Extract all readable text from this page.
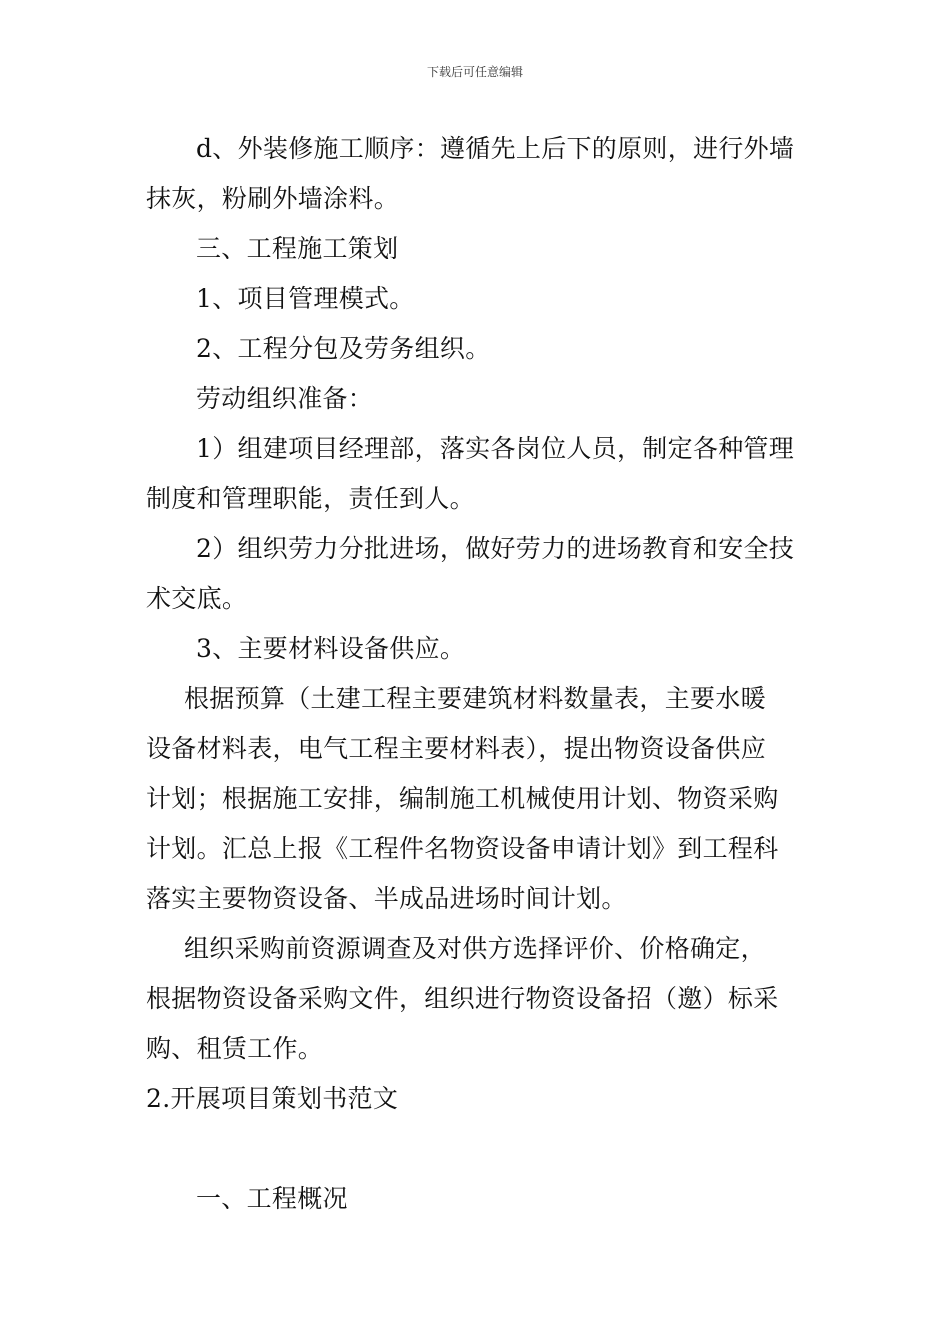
下载后可任意编辑
d、外装修施工顺序：遵循先上后下的原则，进行外墙
抹灰，粉刷外墙涂料。
三、工程施工策划
1、项目管理模式。
2、工程分包及劳务组织。
劳动组织准备：
1）组建项目经理部，落实各岗位人员，制定各种管理
制度和管理职能，责任到人。
2）组织劳力分批进场，做好劳力的进场教育和安全技
术交底。
3、主要材料设备供应。
根据预算（土建工程主要建筑材料数量表，主要水暖
设备材料表，电气工程主要材料表），提出物资设备供应
计划；根据施工安排，编制施工机械使用计划、物资采购
计划。汇总上报《工程件名物资设备申请计划》到工程科
落实主要物资设备、半成品进场时间计划。
组织采购前资源调查及对供方选择评价、价格确定，
根据物资设备采购文件，组织进行物资设备招（邀）标采
购、租赁工作。
2.开展项目策划书范文
一、工程概况
